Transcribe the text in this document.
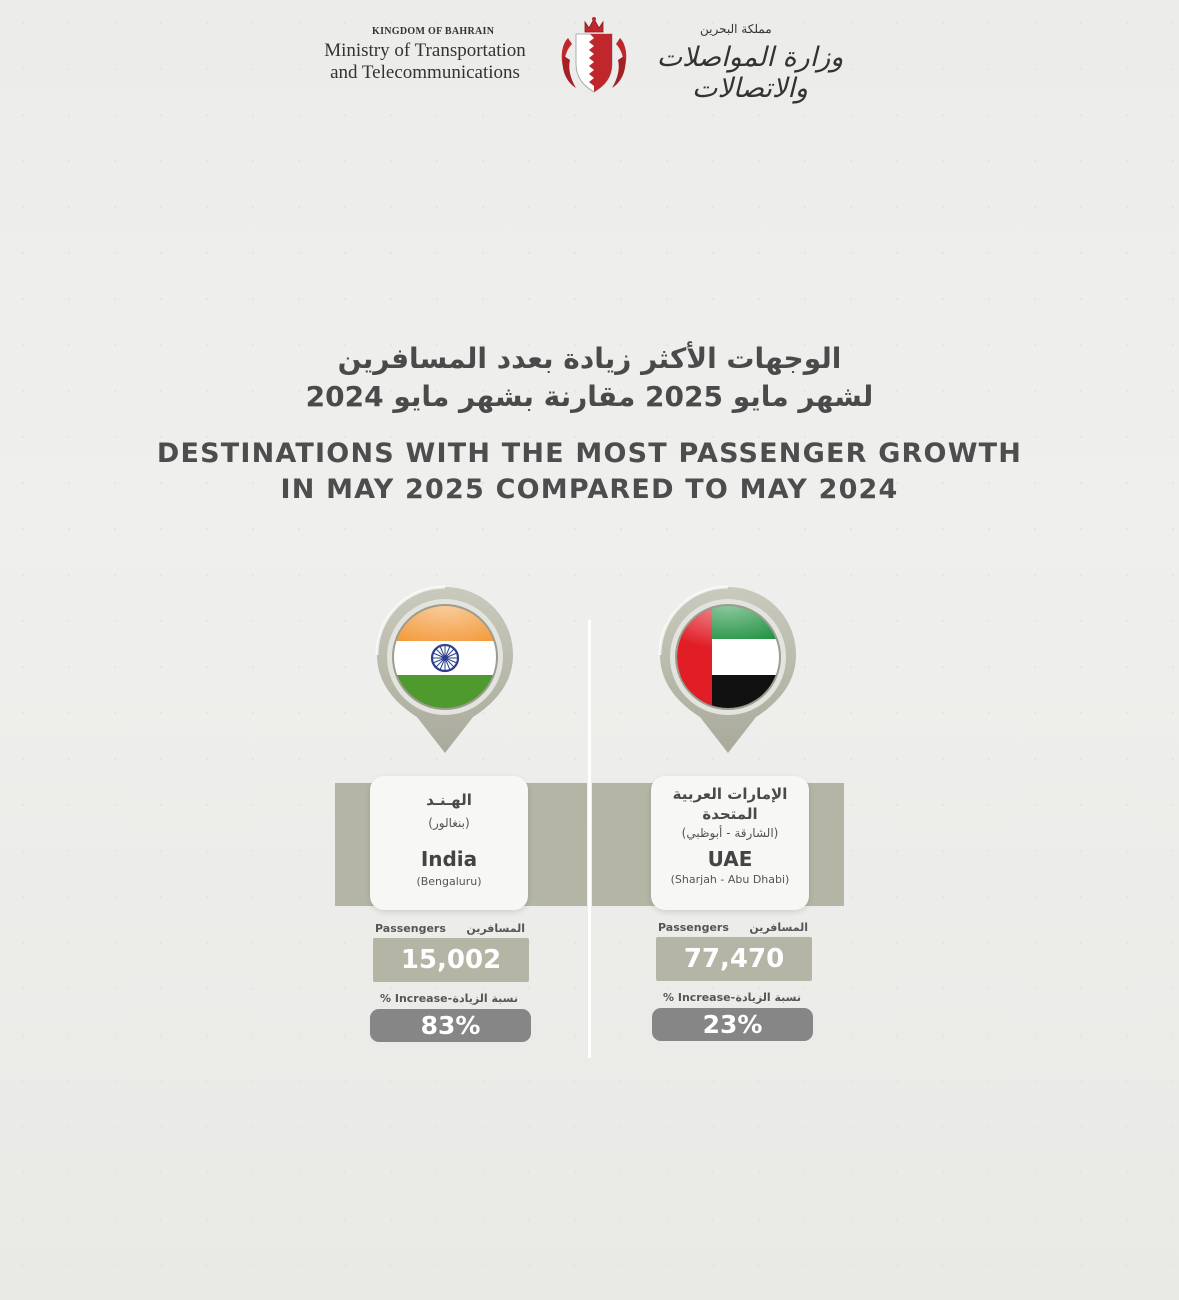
KINGDOM OF BAHRAIN
Ministry of Transportation
and Telecommunications
مملكة البحرين
وزارة المواصلات والاتصالات
الوجهات الأكثر زيادة بعدد المسافرين
لشهر مايو 2025 مقارنة بشهر مايو 2024
DESTINATIONS WITH THE MOST PASSENGER GROWTH
IN MAY 2025 COMPARED TO MAY 2024
الهـنـد
(بنغالور)
India
(Bengaluru)
الإمارات العربية
المتحدة
(الشارقة - أبوظبي)
UAE
(Sharjah - Abu Dhabi)
Passengers المسافرين
15,002
% Increase- نسبة الزيادة
83%
Passengers المسافرين
77,470
% Increase- نسبة الزيادة
23%
